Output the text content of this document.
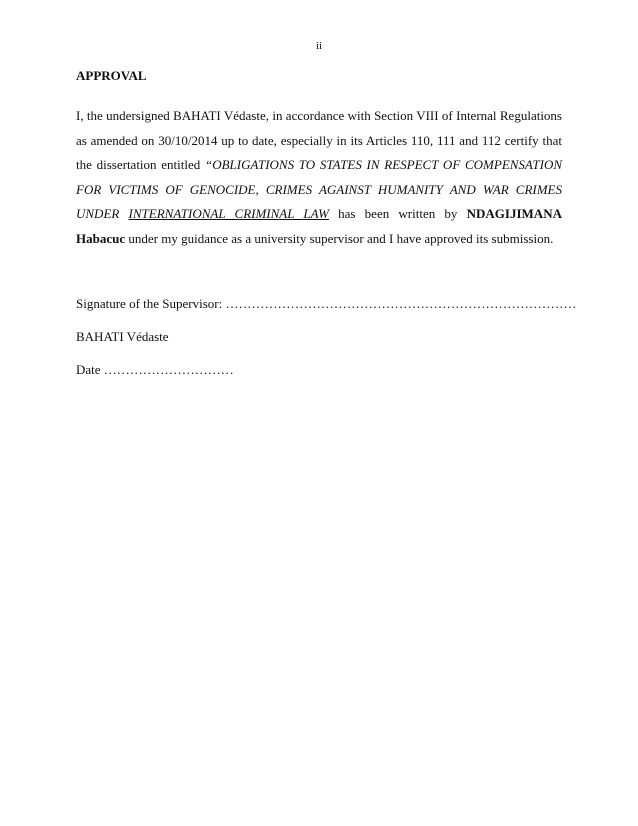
ii
APPROVAL

I, the undersigned BAHATI Védaste, in accordance with Section VIII of Internal Regulations as amended on 30/10/2014 up to date, especially in its Articles 110, 111 and 112 certify that the dissertation entitled “OBLIGATIONS TO STATES IN RESPECT OF COMPENSATION FOR VICTIMS OF GENOCIDE, CRIMES AGAINST HUMANITY AND WAR CRIMES UNDER INTERNATIONAL CRIMINAL LAW has been written by NDAGIJIMANA Habacuc under my guidance as a university supervisor and I have approved its submission.

Signature of the Supervisor: ………………………………………………………………………

BAHATI Védaste

Date …………………………
